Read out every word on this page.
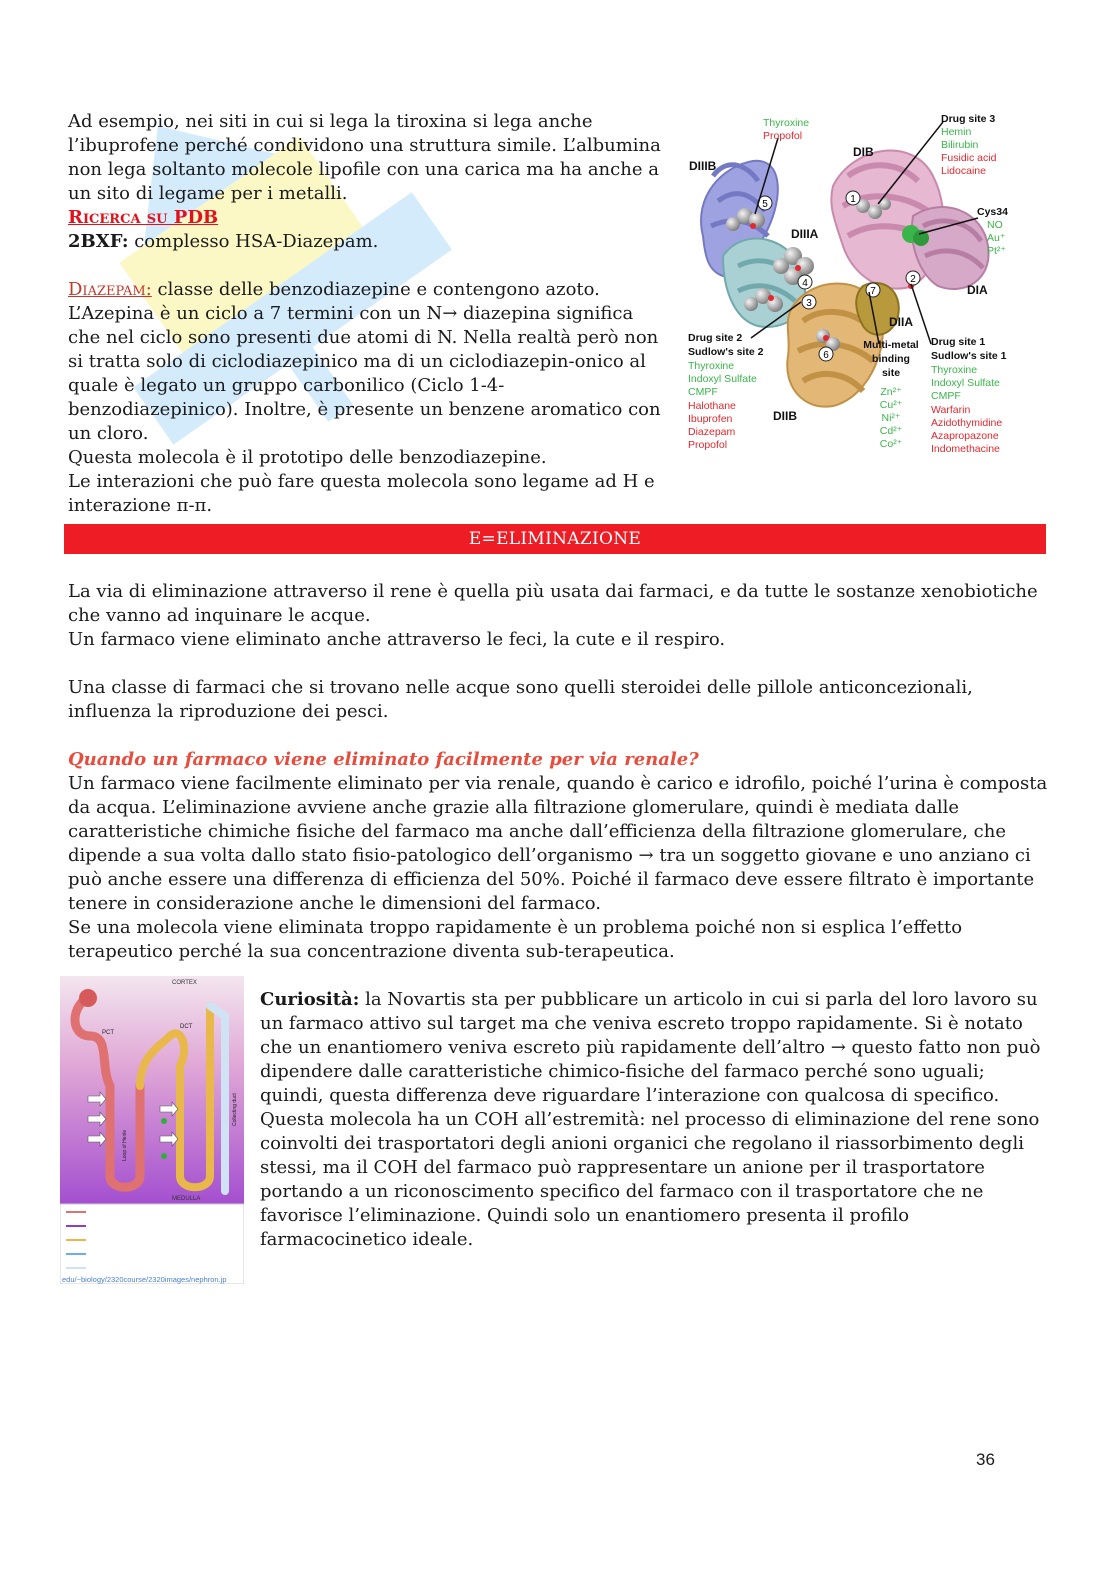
Ad esempio, nei siti in cui si lega la tiroxina si lega anche l’ibuprofene perché condividono una struttura simile. L’albumina non lega soltanto molecole lipofile con una carica ma ha anche a un sito di legame per i metalli.

Ricerca su PDB

2BXF: complesso HSA-Diazepam.

Diazepam: classe delle benzodiazepine e contengono azoto. L’Azepina è un ciclo a 7 termini con un N→ diazepina significa che nel ciclo sono presenti due atomi di N. Nella realtà però non si tratta solo di ciclodiazepinico ma di un ciclodiazepin-onico al quale è legato un gruppo carbonilico (Ciclo 1-4-benzodiazepinico). Inoltre, è presente un benzene aromatico con un cloro.

Questa molecola è il prototipo delle benzodiazepine.

Le interazioni che può fare questa molecola sono legame ad H e interazione π-π.

1
2
3
4
5
6
7
Thyroxine
Propofol
Drug site 3
Hemin
Bilirubin
Fusidic acid
Lidocaine
Cys34
NO
Au⁺
Pt²⁺
DIIIB
DIB
DIIIA
DIA
DIIA
DIIB
Drug site 2
Sudlow's site 2
Thyroxine
Indoxyl Sulfate
CMPF
Halothane
Ibuprofen
Diazepam
Propofol
Multi-metal
binding
site
Zn²⁺
Cu²⁺
Ni²⁺
Cd²⁺
Co²⁺
Drug site 1
Sudlow's site 1
Thyroxine
Indoxyl Sulfate
CMPF
Warfarin
Azidothymidine
Azapropazone
Indomethacine
E=ELIMINAZIONE

La via di eliminazione attraverso il rene è quella più usata dai farmaci, e da tutte le sostanze xenobiotiche che vanno ad inquinare le acque.

Un farmaco viene eliminato anche attraverso le feci, la cute e il respiro.

Una classe di farmaci che si trovano nelle acque sono quelli steroidei delle pillole anticoncezionali, influenza la riproduzione dei pesci.

Quando un farmaco viene eliminato facilmente per via renale?

Un farmaco viene facilmente eliminato per via renale, quando è carico e idrofilo, poiché l’urina è composta da acqua. L’eliminazione avviene anche grazie alla filtrazione glomerulare, quindi è mediata dalle caratteristiche chimiche fisiche del farmaco ma anche dall’efficienza della filtrazione glomerulare, che dipende a sua volta dallo stato fisio-patologico dell’organismo → tra un soggetto giovane e uno anziano ci può anche essere una differenza di efficienza del 50%. Poiché il farmaco deve essere filtrato è importante tenere in considerazione anche le dimensioni del farmaco.

Se una molecola viene eliminata troppo rapidamente è un problema poiché non si esplica l’effetto terapeutico perché la sua concentrazione diventa sub-terapeutica.

CORTEX
MEDULLA
PCT
DCT
Loop of Henle
Collecting duct
edu/~biology/2320course/2320images/nephron.jp
Curiosità: la Novartis sta per pubblicare un articolo in cui si parla del loro lavoro su un farmaco attivo sul target ma che veniva escreto troppo rapidamente. Si è notato che un enantiomero veniva escreto più rapidamente dell’altro → questo fatto non può dipendere dalle caratteristiche chimico-fisiche del farmaco perché sono uguali; quindi, questa differenza deve riguardare l’interazione con qualcosa di specifico. Questa molecola ha un COH all’estremità: nel processo di eliminazione del rene sono coinvolti dei trasportatori degli anioni organici che regolano il riassorbimento degli stessi, ma il COH del farmaco può rappresentare un anione per il trasportatore portando a un riconoscimento specifico del farmaco con il trasportatore che ne favorisce l’eliminazione. Quindi solo un enantiomero presenta il profilo farmacocinetico ideale.
36
